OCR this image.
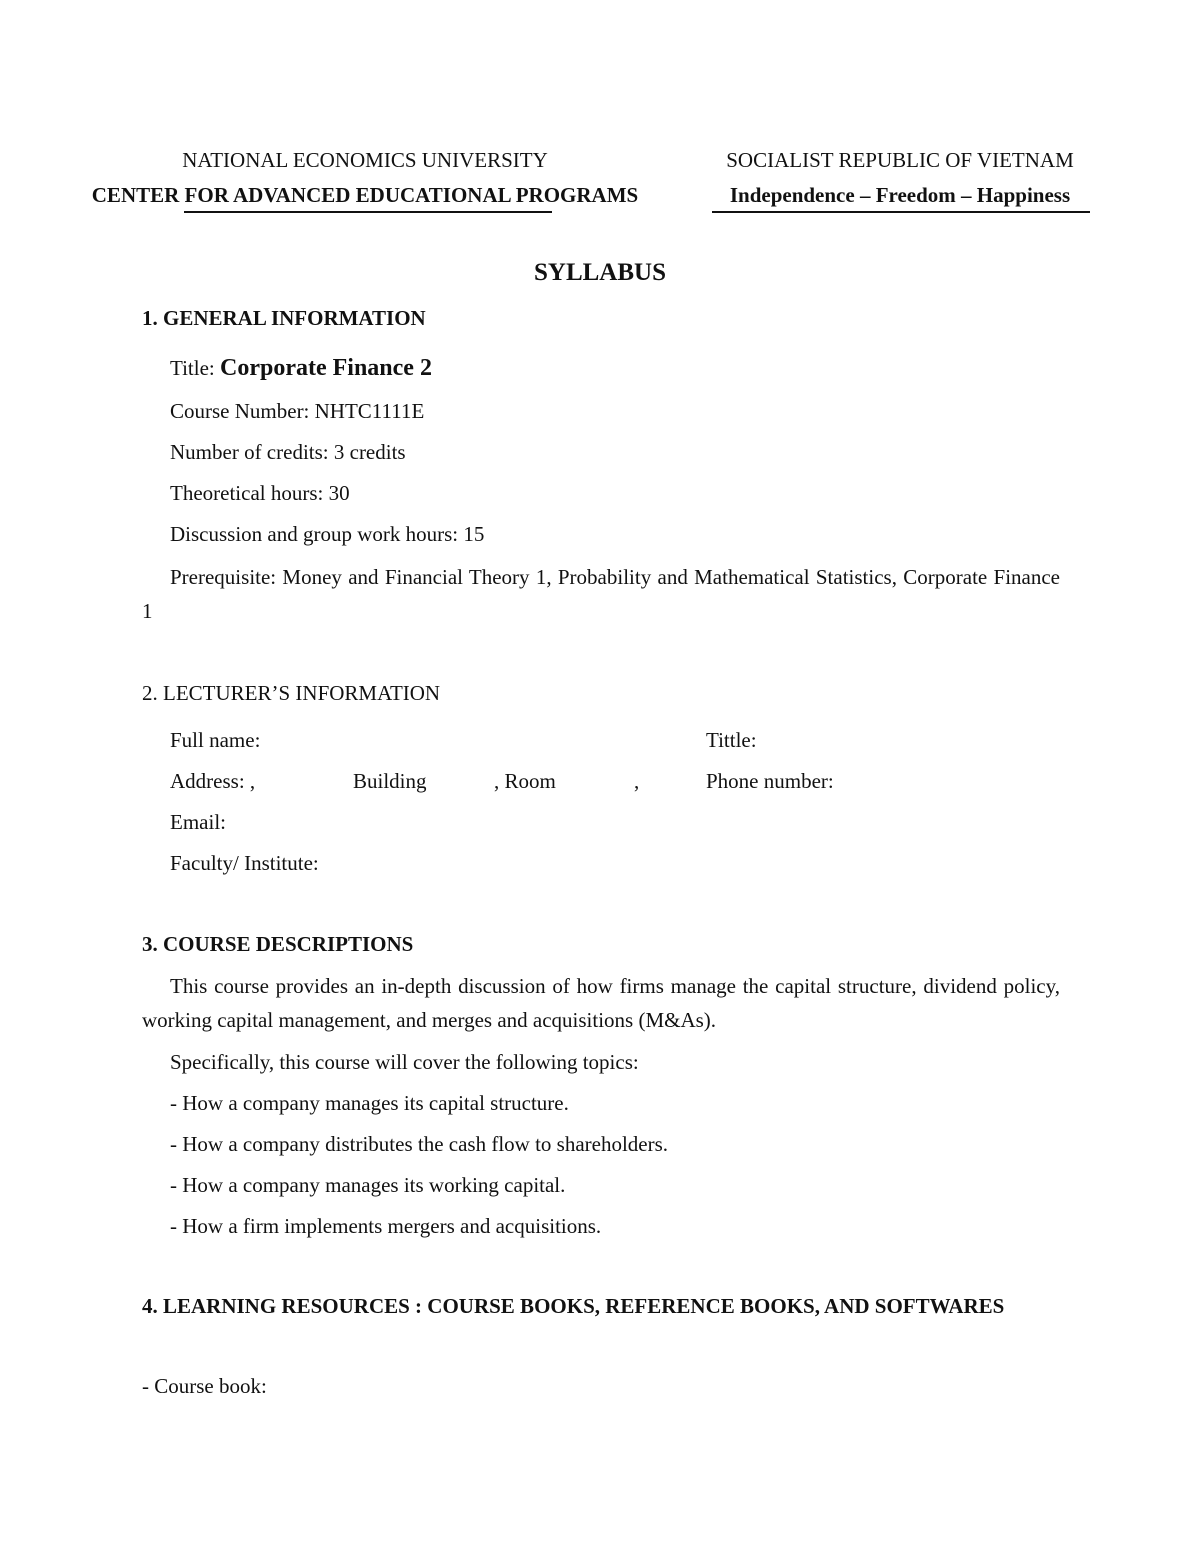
NATIONAL ECONOMICS UNIVERSITY
CENTER FOR ADVANCED EDUCATIONAL PROGRAMS
SOCIALIST REPUBLIC OF VIETNAM
Independence – Freedom – Happiness
SYLLABUS
1. GENERAL INFORMATION
Title: Corporate Finance 2
Course Number: NHTC1111E
Number of credits: 3 credits
Theoretical hours: 30
Discussion and group work hours: 15
Prerequisite: Money and Financial Theory 1, Probability and Mathematical Statistics, Corporate Finance 1
2. LECTURER’S INFORMATION
Full name:	Tittle:
Address: ,	Building	, Room	,	Phone number:
Email:
Faculty/ Institute:
3. COURSE DESCRIPTIONS
This course provides an in-depth discussion of how firms manage the capital structure, dividend policy, working capital management, and merges and acquisitions (M&As).
Specifically, this course will cover the following topics:
- How a company manages its capital structure.
- How a company distributes the cash flow to shareholders.
- How a company manages its working capital.
- How a firm implements mergers and acquisitions.
4. LEARNING RESOURCES : COURSE BOOKS, REFERENCE BOOKS, AND SOFTWARES
- Course book:
